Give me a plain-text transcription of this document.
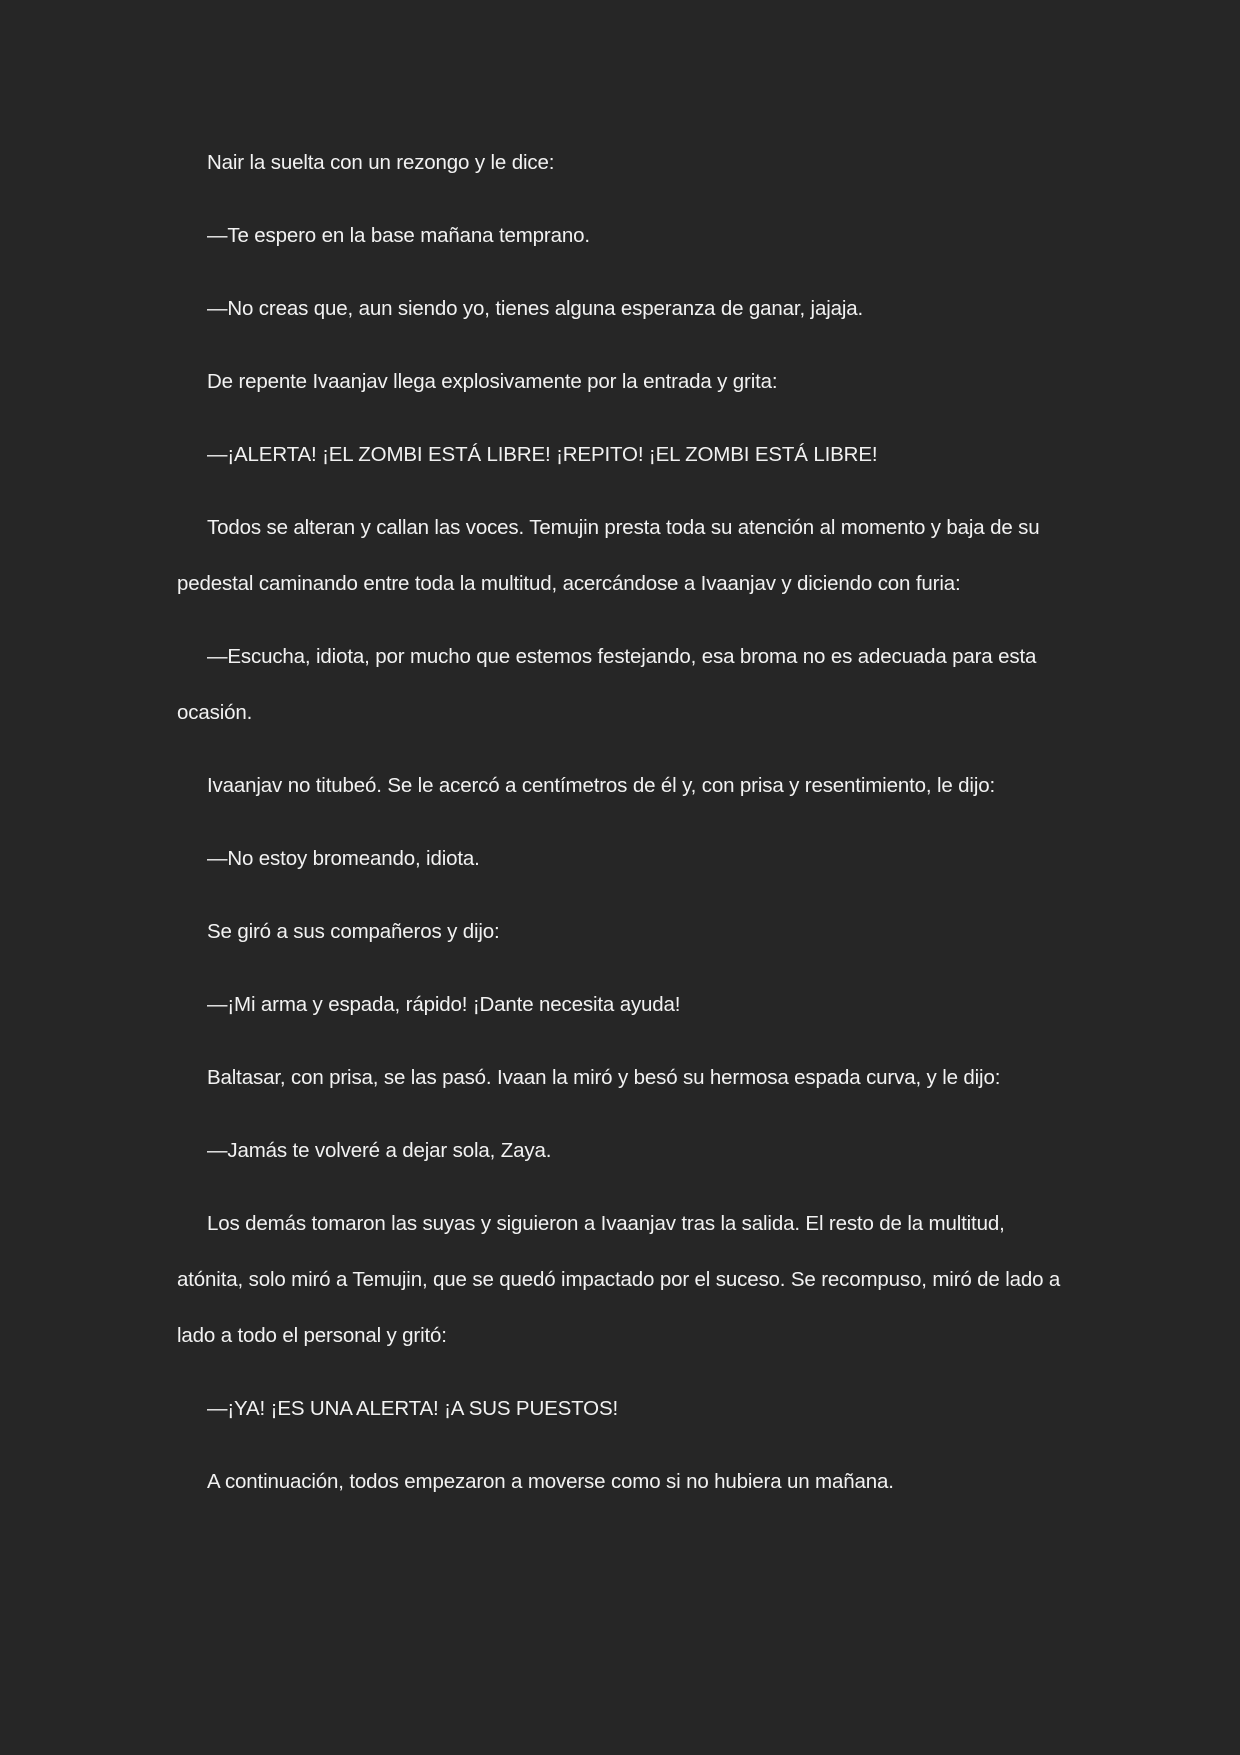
Nair la suelta con un rezongo y le dice:

—Te espero en la base mañana temprano.

—No creas que, aun siendo yo, tienes alguna esperanza de ganar, jajaja.

De repente Ivaanjav llega explosivamente por la entrada y grita:

—¡ALERTA! ¡EL ZOMBI ESTÁ LIBRE! ¡REPITO! ¡EL ZOMBI ESTÁ LIBRE!

Todos se alteran y callan las voces. Temujin presta toda su atención al momento y baja de su pedestal caminando entre toda la multitud, acercándose a Ivaanjav y diciendo con furia:

—Escucha, idiota, por mucho que estemos festejando, esa broma no es adecuada para esta ocasión.

Ivaanjav no titubeó. Se le acercó a centímetros de él y, con prisa y resentimiento, le dijo:

—No estoy bromeando, idiota.

Se giró a sus compañeros y dijo:

—¡Mi arma y espada, rápido! ¡Dante necesita ayuda!

Baltasar, con prisa, se las pasó. Ivaan la miró y besó su hermosa espada curva, y le dijo:

—Jamás te volveré a dejar sola, Zaya.

Los demás tomaron las suyas y siguieron a Ivaanjav tras la salida. El resto de la multitud, atónita, solo miró a Temujin, que se quedó impactado por el suceso. Se recompuso, miró de lado a lado a todo el personal y gritó:

—¡YA! ¡ES UNA ALERTA! ¡A SUS PUESTOS!

A continuación, todos empezaron a moverse como si no hubiera un mañana.
